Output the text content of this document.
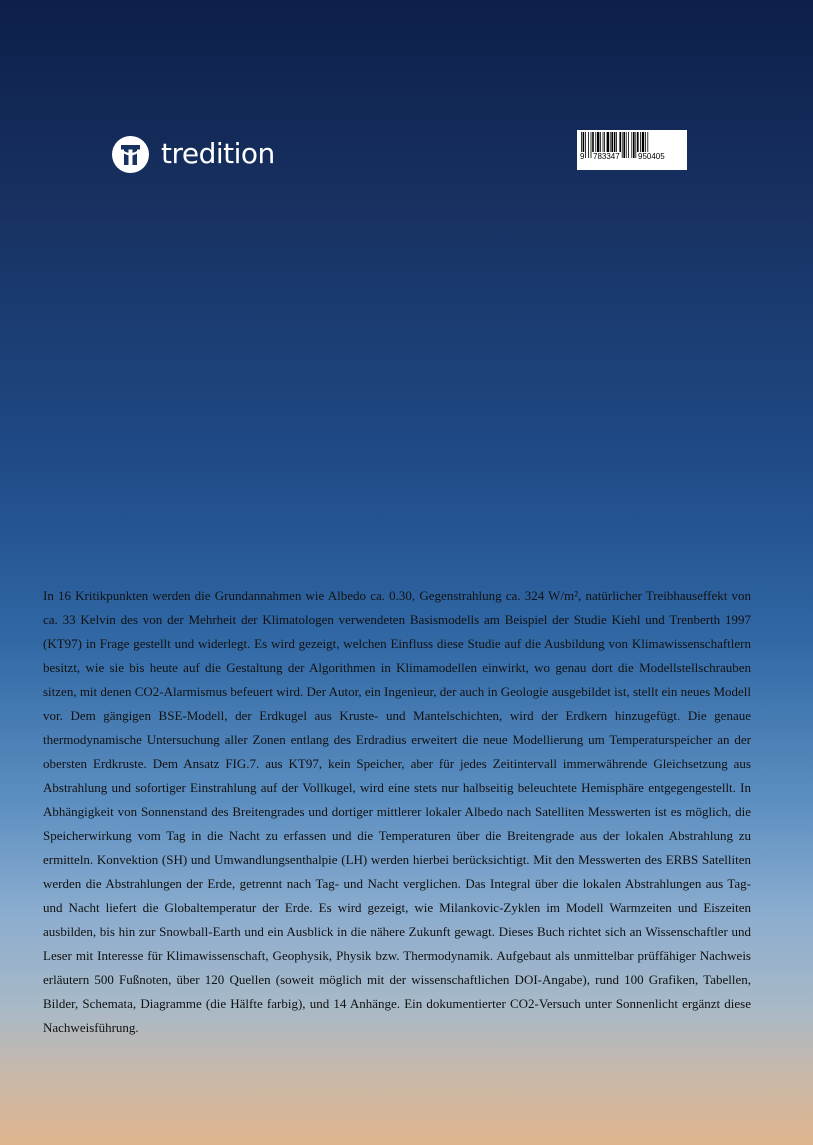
tredition	9 783347 950405

In 16 Kritikpunkten werden die Grundannahmen wie Albedo ca. 0.30, Gegenstrahlung ca. 324 W/m², natürlicher Treibhauseffekt von ca. 33 Kelvin des von der Mehrheit der Klimatologen verwendeten Basismodells am Beispiel der Studie Kiehl und Trenberth 1997 (KT97) in Frage gestellt und widerlegt. Es wird gezeigt, welchen Einfluss diese Studie auf die Ausbildung von Klimawissenschaftlern besitzt, wie sie bis heute auf die Gestaltung der Algorithmen in Klimamodellen einwirkt, wo genau dort die Modellstellschrauben sitzen, mit denen CO2-Alarmismus befeuert wird. Der Autor, ein Ingenieur, der auch in Geologie ausgebildet ist, stellt ein neues Modell vor. Dem gängigen BSE-Modell, der Erdkugel aus Kruste- und Mantelschichten, wird der Erdkern hinzugefügt. Die genaue thermodynamische Untersuchung aller Zonen entlang des Erdradius erweitert die neue Modellierung um Temperaturspeicher an der obersten Erdkruste. Dem Ansatz FIG.7. aus KT97, kein Speicher, aber für jedes Zeitintervall immerwährende Gleichsetzung aus Abstrahlung und sofortiger Einstrahlung auf der Vollkugel, wird eine stets nur halbseitig beleuchtete Hemisphäre entgegengestellt. In Abhängigkeit von Sonnenstand des Breitengrades und dortiger mittlerer lokaler Albedo nach Satelliten Messwerten ist es möglich, die Speicherwirkung vom Tag in die Nacht zu erfassen und die Temperaturen über die Breitengrade aus der lokalen Abstrahlung zu ermitteln. Konvektion (SH) und Umwandlungsenthalpie (LH) werden hierbei berücksichtigt. Mit den Messwerten des ERBS Satelliten werden die Abstrahlungen der Erde, getrennt nach Tag- und Nacht verglichen. Das Integral über die lokalen Abstrahlungen aus Tag- und Nacht liefert die Globaltemperatur der Erde. Es wird gezeigt, wie Milankovic-Zyklen im Modell Warmzeiten und Eiszeiten ausbilden, bis hin zur Snowball-Earth und ein Ausblick in die nähere Zukunft gewagt. Dieses Buch richtet sich an Wissenschaftler und Leser mit Interesse für Klimawissenschaft, Geophysik, Physik bzw. Thermodynamik. Aufgebaut als unmittelbar prüffähiger Nachweis erläutern 500 Fußnoten, über 120 Quellen (soweit möglich mit der wissenschaftlichen DOI-Angabe), rund 100 Grafiken, Tabellen, Bilder, Schemata, Diagramme (die Hälfte farbig), und 14 Anhänge. Ein dokumentierter CO2-Versuch unter Sonnenlicht ergänzt diese Nachweisführung.
